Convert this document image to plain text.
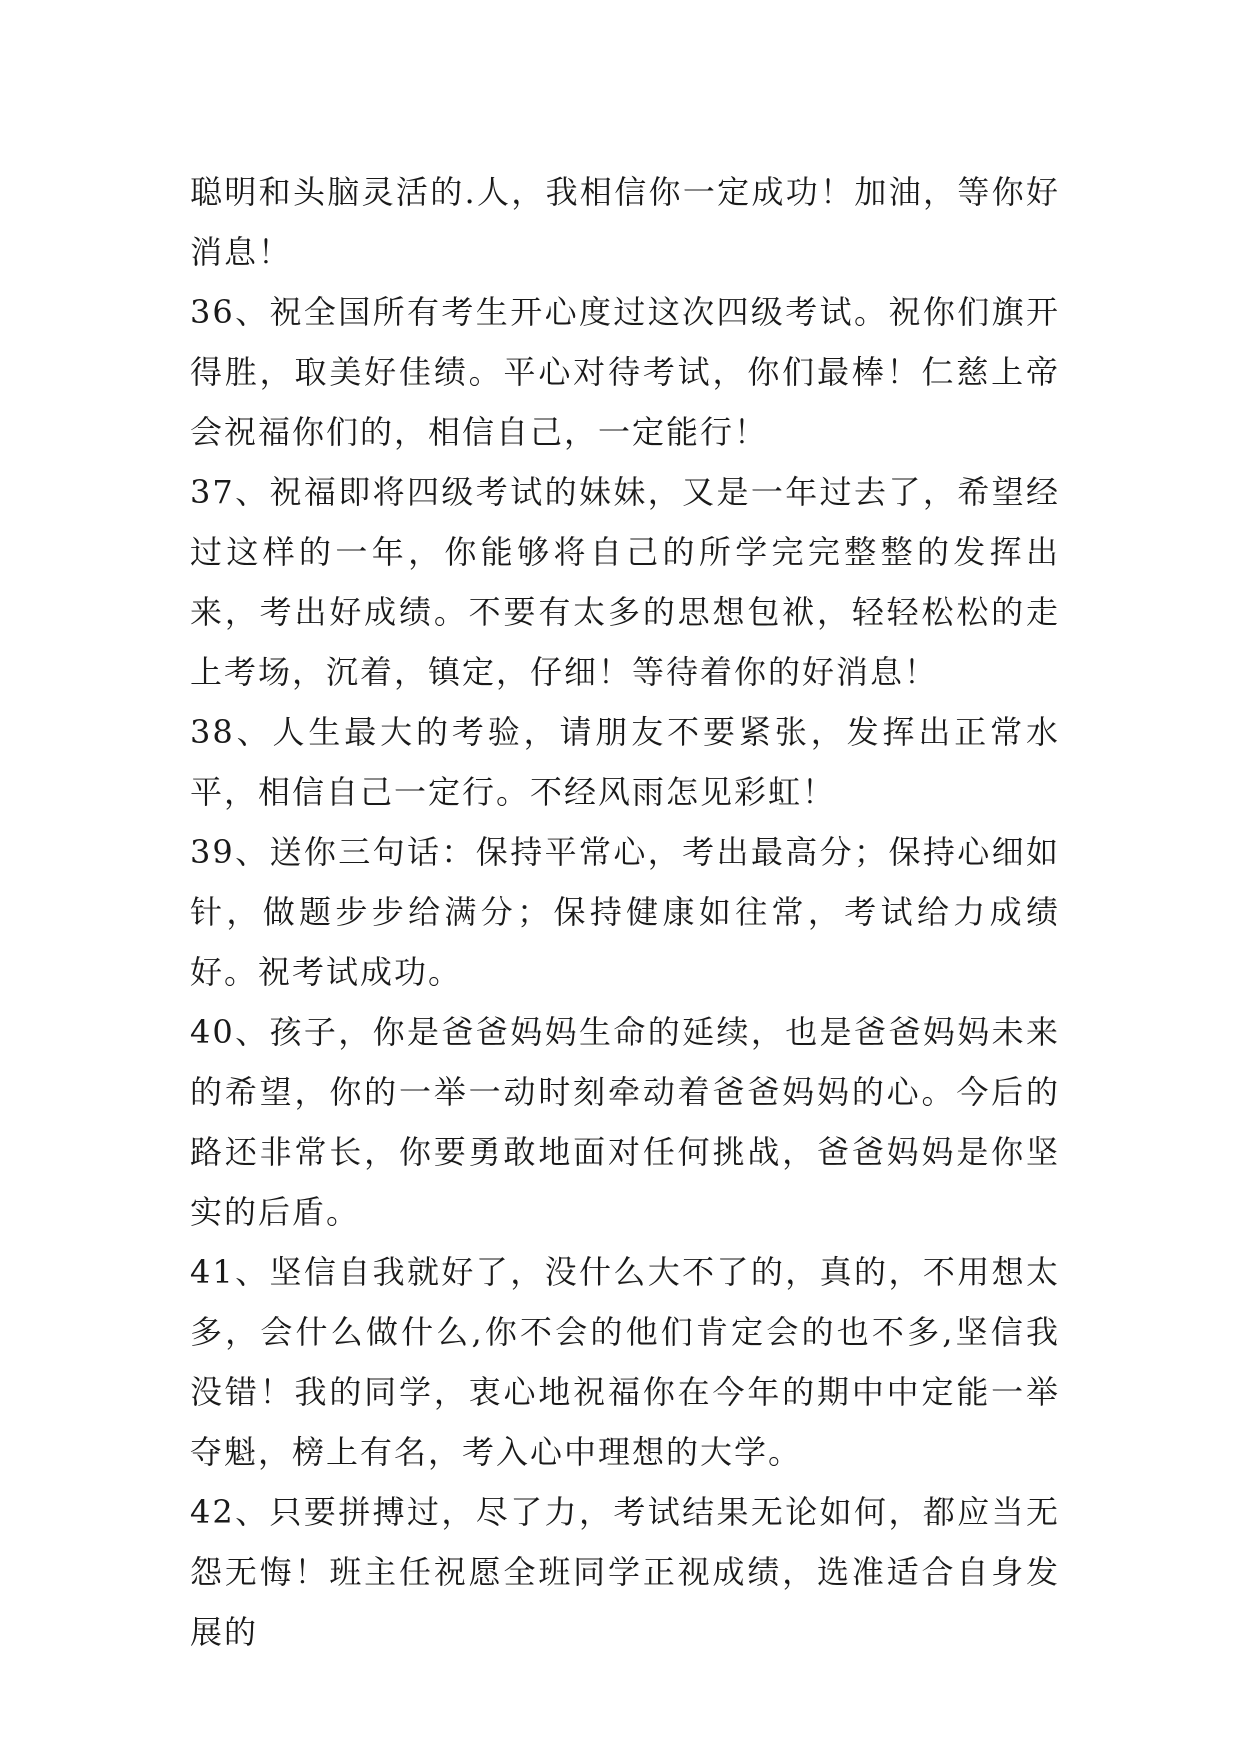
聪明和头脑灵活的.人，我相信你一定成功！加油，等你好消息！

36、祝全国所有考生开心度过这次四级考试。祝你们旗开得胜，取美好佳绩。平心对待考试，你们最棒！仁慈上帝会祝福你们的，相信自己，一定能行！

37、祝福即将四级考试的妹妹，又是一年过去了，希望经过这样的一年，你能够将自己的所学完完整整的发挥出来，考出好成绩。不要有太多的思想包袱，轻轻松松的走上考场，沉着，镇定，仔细！等待着你的好消息！

38、人生最大的考验，请朋友不要紧张，发挥出正常水平，相信自己一定行。不经风雨怎见彩虹！

39、送你三句话：保持平常心，考出最高分；保持心细如针，做题步步给满分；保持健康如往常，考试给力成绩好。祝考试成功。

40、孩子，你是爸爸妈妈生命的延续，也是爸爸妈妈未来的希望，你的一举一动时刻牵动着爸爸妈妈的心。今后的路还非常长，你要勇敢地面对任何挑战，爸爸妈妈是你坚实的后盾。

41、坚信自我就好了，没什么大不了的，真的，不用想太多，会什么做什么,你不会的他们肯定会的也不多,坚信我没错！我的同学，衷心地祝福你在今年的期中中定能一举夺魁，榜上有名，考入心中理想的大学。

42、只要拼搏过，尽了力，考试结果无论如何，都应当无怨无悔！班主任祝愿全班同学正视成绩，选准适合自身发展的
